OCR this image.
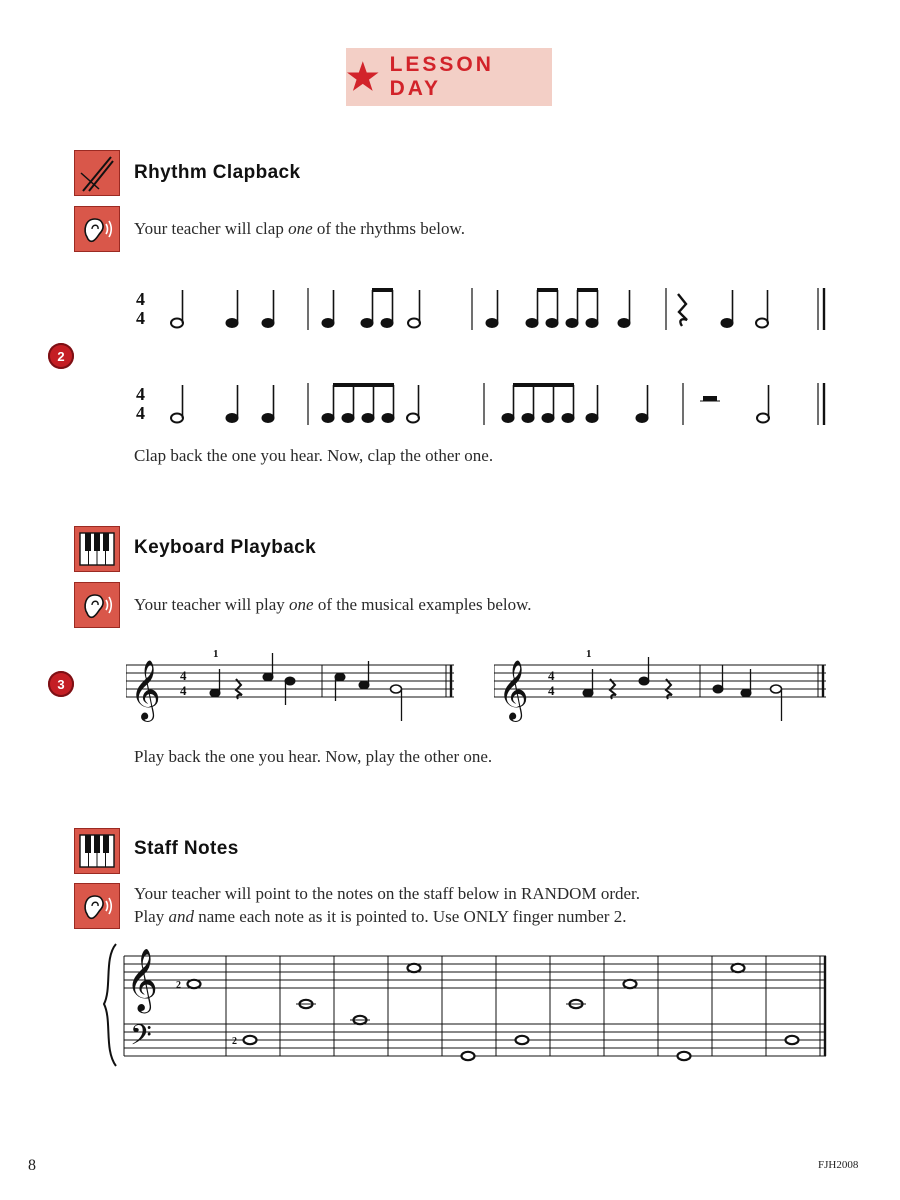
LESSON DAY
Rhythm Clapback
Your teacher will clap one of the rhythms below.
2
4
4
4
4
Clap back the one you hear. Now, clap the other one.
Keyboard Playback
Your teacher will play one of the musical examples below.
3 𝄞 4
4
1
𝄞 4
4
1
Play back the one you hear. Now, play the other one.
Staff Notes
Your teacher will point to the notes on the staff below in RANDOM order.
Play and name each note as it is pointed to. Use ONLY finger number 2.
𝄞
𝄢
2
2
8	FJH2008
